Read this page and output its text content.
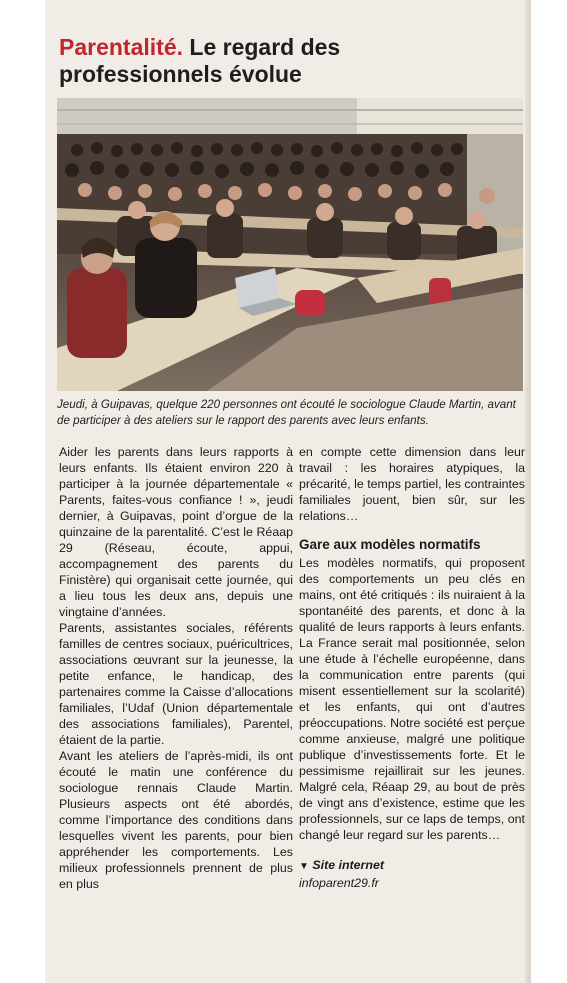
Parentalité. Le regard des professionnels évolue
Jeudi, à Guipavas, quelque 220 personnes ont écouté le sociologue Claude Martin, avant de participer à des ateliers sur le rapport des parents avec leurs enfants.

Aider les parents dans leurs rapports à leurs enfants. Ils étaient environ 220 à participer à la journée départementale « Parents, faites-vous confiance ! », jeudi dernier, à Guipavas, point d’orgue de la quinzaine de la parentalité. C’est le Réaap 29 (Réseau, écoute, appui, accompagnement des parents du Finistère) qui organisait cette journée, qui a lieu tous les deux ans, depuis une vingtaine d’années.

Parents, assistantes sociales, référents familles de centres sociaux, puéricultrices, associations œuvrant sur la jeunesse, la petite enfance, le handicap, des partenaires comme la Caisse d’allocations familiales, l’Udaf (Union départementale des associations familiales), Parentel, étaient de la partie.

Avant les ateliers de l’après-midi, ils ont écouté le matin une conférence du sociologue rennais Claude Martin. Plusieurs aspects ont été abordés, comme l’importance des conditions dans lesquelles vivent les parents, pour bien appréhender les comportements. Les milieux professionnels prennent de plus en plus

en compte cette dimension dans leur travail : les horaires atypiques, la précarité, le temps partiel, les contraintes familiales jouent, bien sûr, sur les relations…

Gare aux modèles normatifs

Les modèles normatifs, qui proposent des comportements un peu clés en mains, ont été critiqués : ils nuiraient à la spontanéité des parents, et donc à la qualité de leurs rapports à leurs enfants. La France serait mal positionnée, selon une étude à l’échelle européenne, dans la communication entre parents (qui misent essentiellement sur la scolarité) et les enfants, qui ont d’autres préoccupations. Notre société est perçue comme anxieuse, malgré une politique publique d’investissements forte. Et le pessimisme rejaillirait sur les jeunes. Malgré cela, Réaap 29, au bout de près de vingt ans d’existence, estime que les professionnels, sur ce laps de temps, ont changé leur regard sur les parents…

▼ Site internet
infoparent29.fr
